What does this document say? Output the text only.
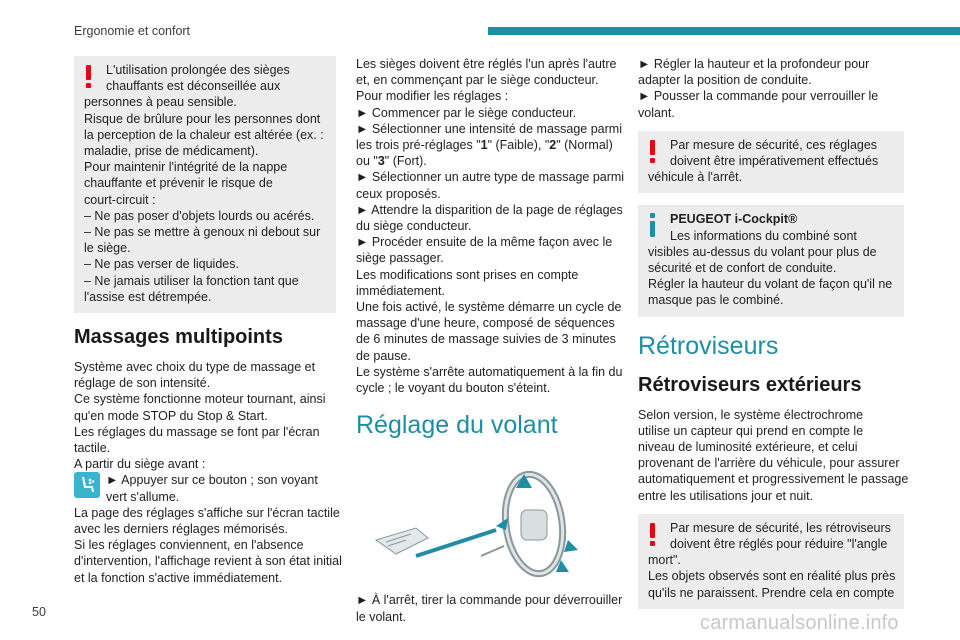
Ergonomie et confort
L'utilisation prolongée des sièges
chauffants est déconseillée aux
personnes à peau sensible.
Risque de brûlure pour les personnes dont
la perception de la chaleur est altérée (ex. :
maladie, prise de médicament).
Pour maintenir l'intégrité de la nappe
chauffante et prévenir le risque de
court-circuit :
– Ne pas poser d'objets lourds ou acérés.
– Ne pas se mettre à genoux ni debout sur
le siège.
– Ne pas verser de liquides.
– Ne jamais utiliser la fonction tant que
l'assise est détrempée.
Massages multipoints
Système avec choix du type de massage et
réglage de son intensité.
Ce système fonctionne moteur tournant, ainsi
qu'en mode STOP du Stop & Start.
Les réglages du massage se font par l'écran
tactile.
A partir du siège avant :
► Appuyer sur ce bouton ; son voyant
vert s'allume.
La page des réglages s'affiche sur l'écran tactile
avec les derniers réglages mémorisés.
Si les réglages conviennent, en l'absence
d'intervention, l'affichage revient à son état initial
et la fonction s'active immédiatement.
Les sièges doivent être réglés l'un après l'autre
et, en commençant par le siège conducteur.
Pour modifier les réglages :
► Commencer par le siège conducteur.
► Sélectionner une intensité de massage parmi
les trois pré-réglages "1" (Faible), "2" (Normal)
ou "3" (Fort).
► Sélectionner un autre type de massage parmi
ceux proposés.
► Attendre la disparition de la page de réglages
du siège conducteur.
► Procéder ensuite de la même façon avec le
siège passager.
Les modifications sont prises en compte
immédiatement.
Une fois activé, le système démarre un cycle de
massage d'une heure, composé de séquences
de 6 minutes de massage suivies de 3 minutes
de pause.
Le système s'arrête automatiquement à la fin du
cycle ; le voyant du bouton s'éteint.
Réglage du volant
► À l'arrêt, tirer la commande pour déverrouiller
le volant.
► Régler la hauteur et la profondeur pour
adapter la position de conduite.
► Pousser la commande pour verrouiller le
volant.
Par mesure de sécurité, ces réglages
doivent être impérativement effectués
véhicule à l'arrêt.
PEUGEOT i-Cockpit®
Les informations du combiné sont
visibles au-dessus du volant pour plus de
sécurité et de confort de conduite.
Régler la hauteur du volant de façon qu'il ne
masque pas le combiné.
Rétroviseurs
Rétroviseurs extérieurs
Selon version, le système électrochrome
utilise un capteur qui prend en compte le
niveau de luminosité extérieure, et celui
provenant de l'arrière du véhicule, pour assurer
automatiquement et progressivement le passage
entre les utilisations jour et nuit.
Par mesure de sécurité, les rétroviseurs
doivent être réglés pour réduire "l'angle
mort".
Les objets observés sont en réalité plus près
qu'ils ne paraissent. Prendre cela en compte
50	carmanualsonline.info
